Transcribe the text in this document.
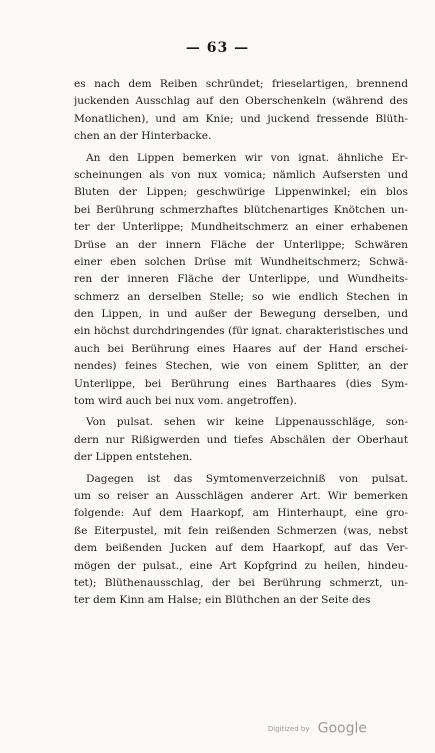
— 63 —
es nach dem Reiben schründet; frieselartigen, brennend
juckenden Ausschlag auf den Oberschenkeln (während des
Monatlichen), und am Knie; und juckend fressende Blüth-
chen an der Hinterbacke.
An den Lippen bemerken wir von ignat. ähnliche Er-
scheinungen als von nux vomica; nämlich Aufsersten und
Bluten der Lippen; geschwürige Lippenwinkel; ein blos
bei Berührung schmerzhaftes blütchenartiges Knötchen un-
ter der Unterlippe; Mundheitschmerz an einer erhabenen
Drüse an der innern Fläche der Unterlippe; Schwären
einer eben solchen Drüse mit Wundheitschmerz; Schwä-
ren der inneren Fläche der Unterlippe, und Wundheits-
schmerz an derselben Stelle; so wie endlich Stechen in
den Lippen, in und außer der Bewegung derselben, und
ein höchst durchdringendes (für ignat. charakteristisches und
auch bei Berührung eines Haares auf der Hand erschei-
nendes) feines Stechen, wie von einem Splitter, an der
Unterlippe, bei Berührung eines Barthaares (dies Sym-
tom wird auch bei nux vom. angetroffen).
Von pulsat. sehen wir keine Lippenausschläge, son-
dern nur Rißigwerden und tiefes Abschälen der Oberhaut
der Lippen entstehen.
Dagegen ist das Symtomenverzeichniß von pulsat.
um so reiser an Ausschlägen anderer Art. Wir bemerken
folgende: Auf dem Haarkopf, am Hinterhaupt, eine gro-
ße Eiterpustel, mit fein reißenden Schmerzen (was, nebst
dem beißenden Jucken auf dem Haarkopf, auf das Ver-
mögen der pulsat., eine Art Kopfgrind zu heilen, hindeu-
tet); Blüthenausschlag, der bei Berührung schmerzt, un-
ter dem Kinn am Halse; ein Blüthchen an der Seite des
Digitized by Google
